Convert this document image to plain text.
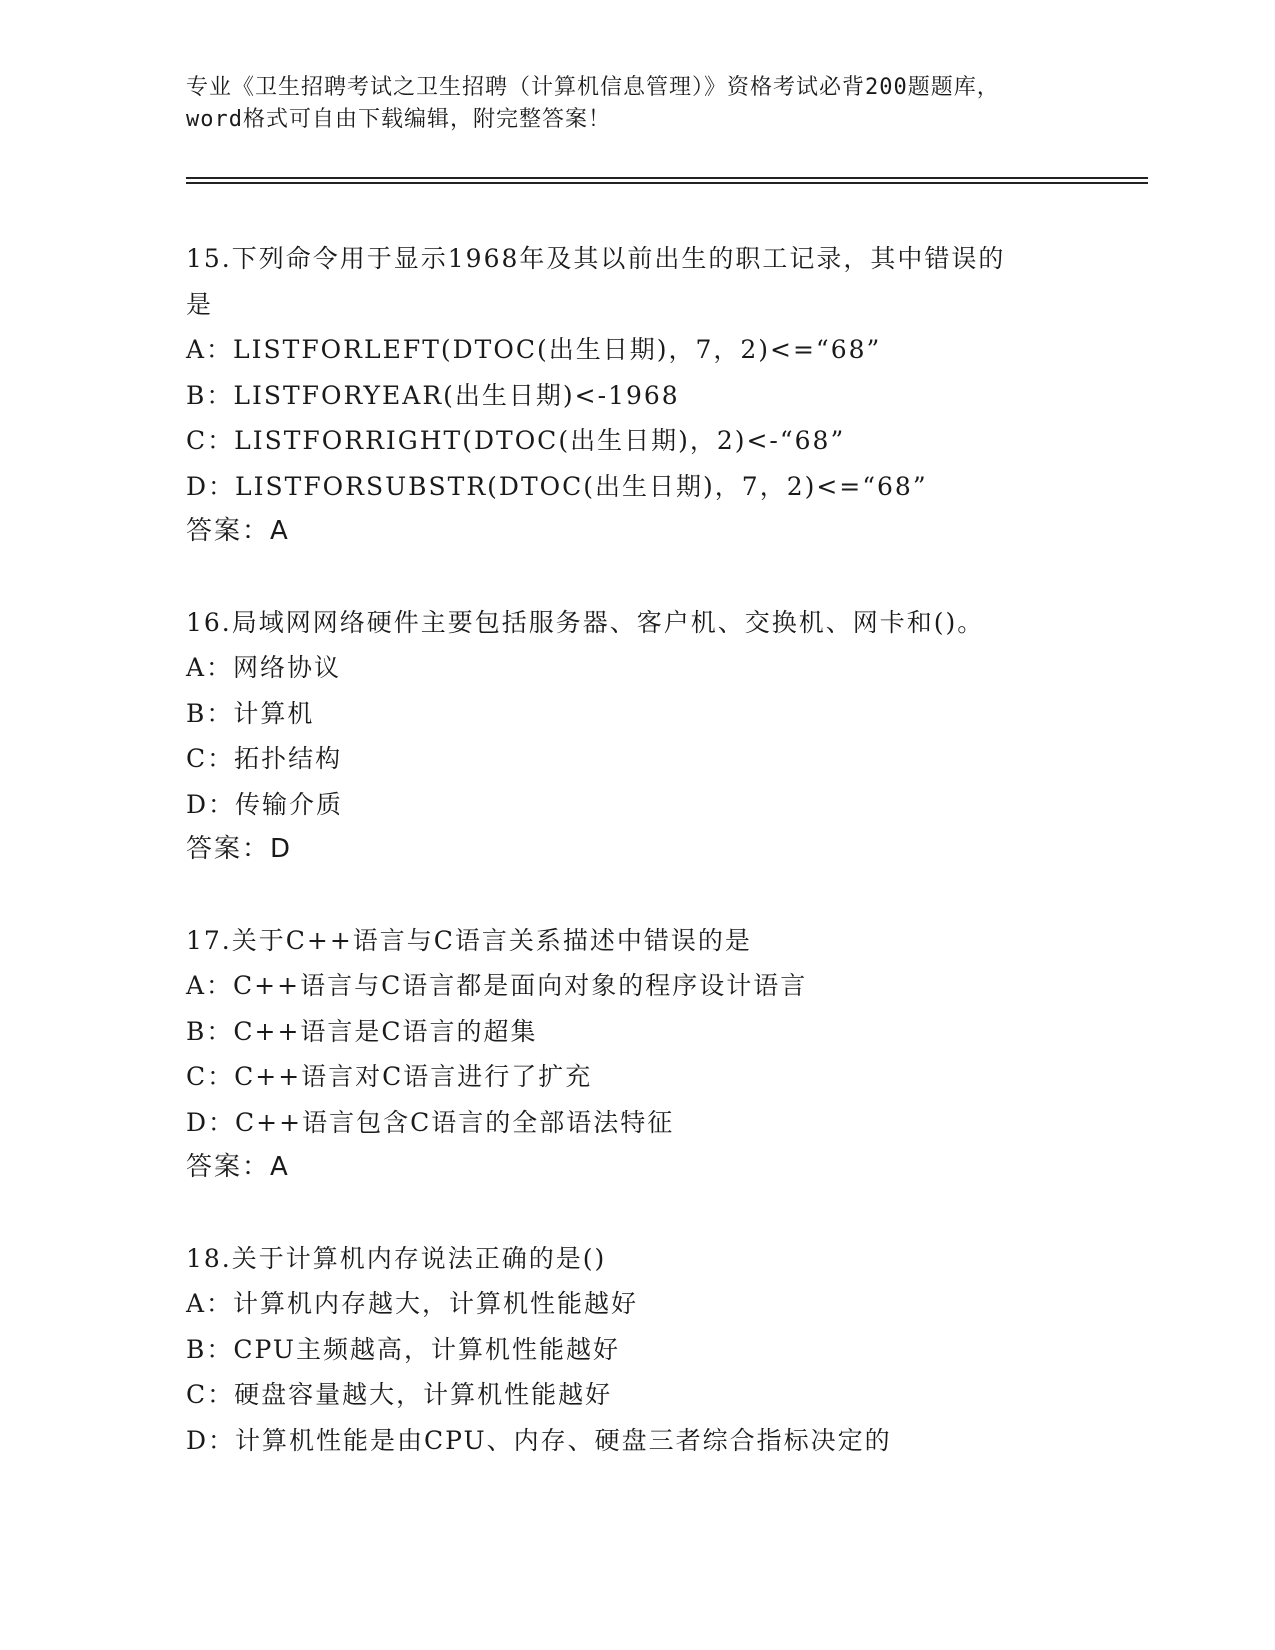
专业《卫生招聘考试之卫生招聘（计算机信息管理）》资格考试必背200题题库，
word格式可自由下载编辑，附完整答案！
15.下列命令用于显示1968年及其以前出生的职工记录，其中错误的
是
A：LISTFORLEFT(DTOC(出生日期)，7，2)<=“68”
B：LISTFORYEAR(出生日期)<-1968
C：LISTFORRIGHT(DTOC(出生日期)，2)<-“68”
D：LISTFORSUBSTR(DTOC(出生日期)，7，2)<=“68”
答案：A
16.局域网网络硬件主要包括服务器、客户机、交换机、网卡和()。
A：网络协议
B：计算机
C：拓扑结构
D：传输介质
答案：D
17.关于C++语言与C语言关系描述中错误的是
A：C++语言与C语言都是面向对象的程序设计语言
B：C++语言是C语言的超集
C：C++语言对C语言进行了扩充
D：C++语言包含C语言的全部语法特征
答案：A
18.关于计算机内存说法正确的是()
A：计算机内存越大，计算机性能越好
B：CPU主频越高，计算机性能越好
C：硬盘容量越大，计算机性能越好
D：计算机性能是由CPU、内存、硬盘三者综合指标决定的
